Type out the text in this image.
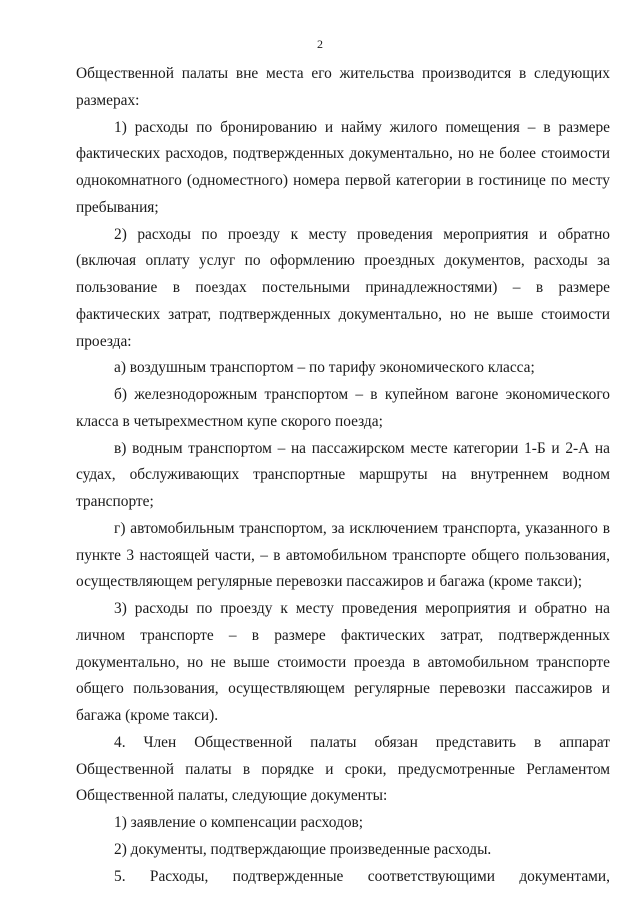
2

Общественной палаты вне места его жительства производится в следующих размерах:

1) расходы по бронированию и найму жилого помещения – в размере фактических расходов, подтвержденных документально, но не более стоимости однокомнатного (одноместного) номера первой категории в гостинице по месту пребывания;

2) расходы по проезду к месту проведения мероприятия и обратно (включая оплату услуг по оформлению проездных документов, расходы за пользование в поездах постельными принадлежностями) – в размере фактических затрат, подтвержденных документально, но не выше стоимости проезда:

а) воздушным транспортом – по тарифу экономического класса;

б) железнодорожным транспортом – в купейном вагоне экономического класса в четырехместном купе скорого поезда;

в) водным транспортом – на пассажирском месте категории 1-Б и 2-А на судах, обслуживающих транспортные маршруты на внутреннем водном транспорте;

г) автомобильным транспортом, за исключением транспорта, указанного в пункте 3 настоящей части, – в автомобильном транспорте общего пользования, осуществляющем регулярные перевозки пассажиров и багажа (кроме такси);

3) расходы по проезду к месту проведения мероприятия и обратно на личном транспорте – в размере фактических затрат, подтвержденных документально, но не выше стоимости проезда в автомобильном транспорте общего пользования, осуществляющем регулярные перевозки пассажиров и багажа (кроме такси).

4. Член Общественной палаты обязан представить в аппарат Общественной палаты в порядке и сроки, предусмотренные Регламентом Общественной палаты, следующие документы:

1) заявление о компенсации расходов;

2) документы, подтверждающие произведенные расходы.

5. Расходы, подтвержденные соответствующими документами,
